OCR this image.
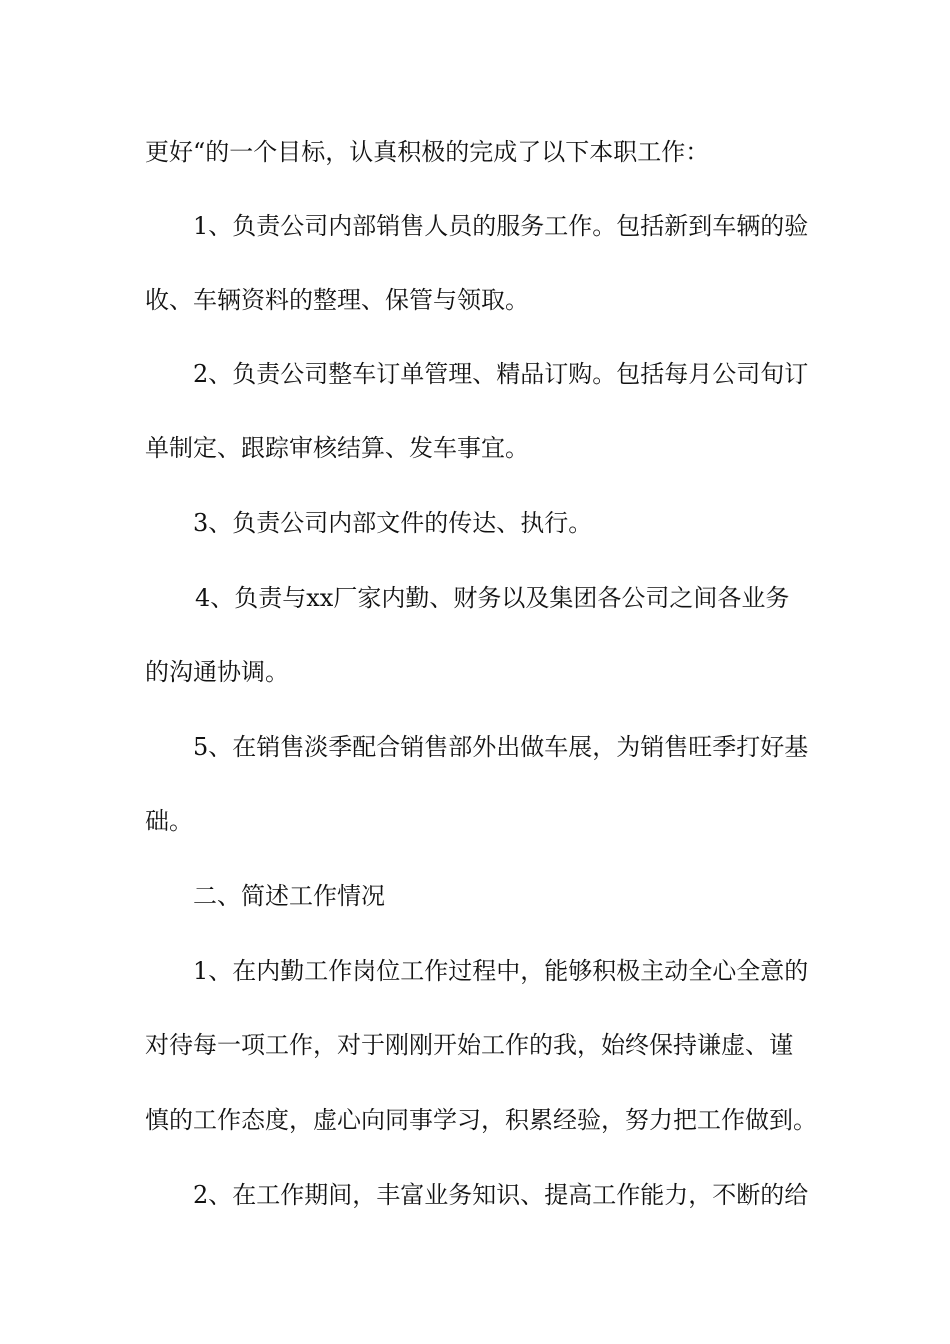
更好“的一个目标，认真积极的完成了以下本职工作：
1、负责公司内部销售人员的服务工作。包括新到车辆的验
收、车辆资料的整理、保管与领取。
2、负责公司整车订单管理、精品订购。包括每月公司旬订
单制定、跟踪审核结算、发车事宜。
3、负责公司内部文件的传达、执行。
4、负责与xx厂家内勤、财务以及集团各公司之间各业务
的沟通协调。
5、在销售淡季配合销售部外出做车展，为销售旺季打好基
础。
二、简述工作情况
1、在内勤工作岗位工作过程中，能够积极主动全心全意的
对待每一项工作，对于刚刚开始工作的我，始终保持谦虚、谨
慎的工作态度，虚心向同事学习，积累经验，努力把工作做到。
2、在工作期间，丰富业务知识、提高工作能力，不断的给
